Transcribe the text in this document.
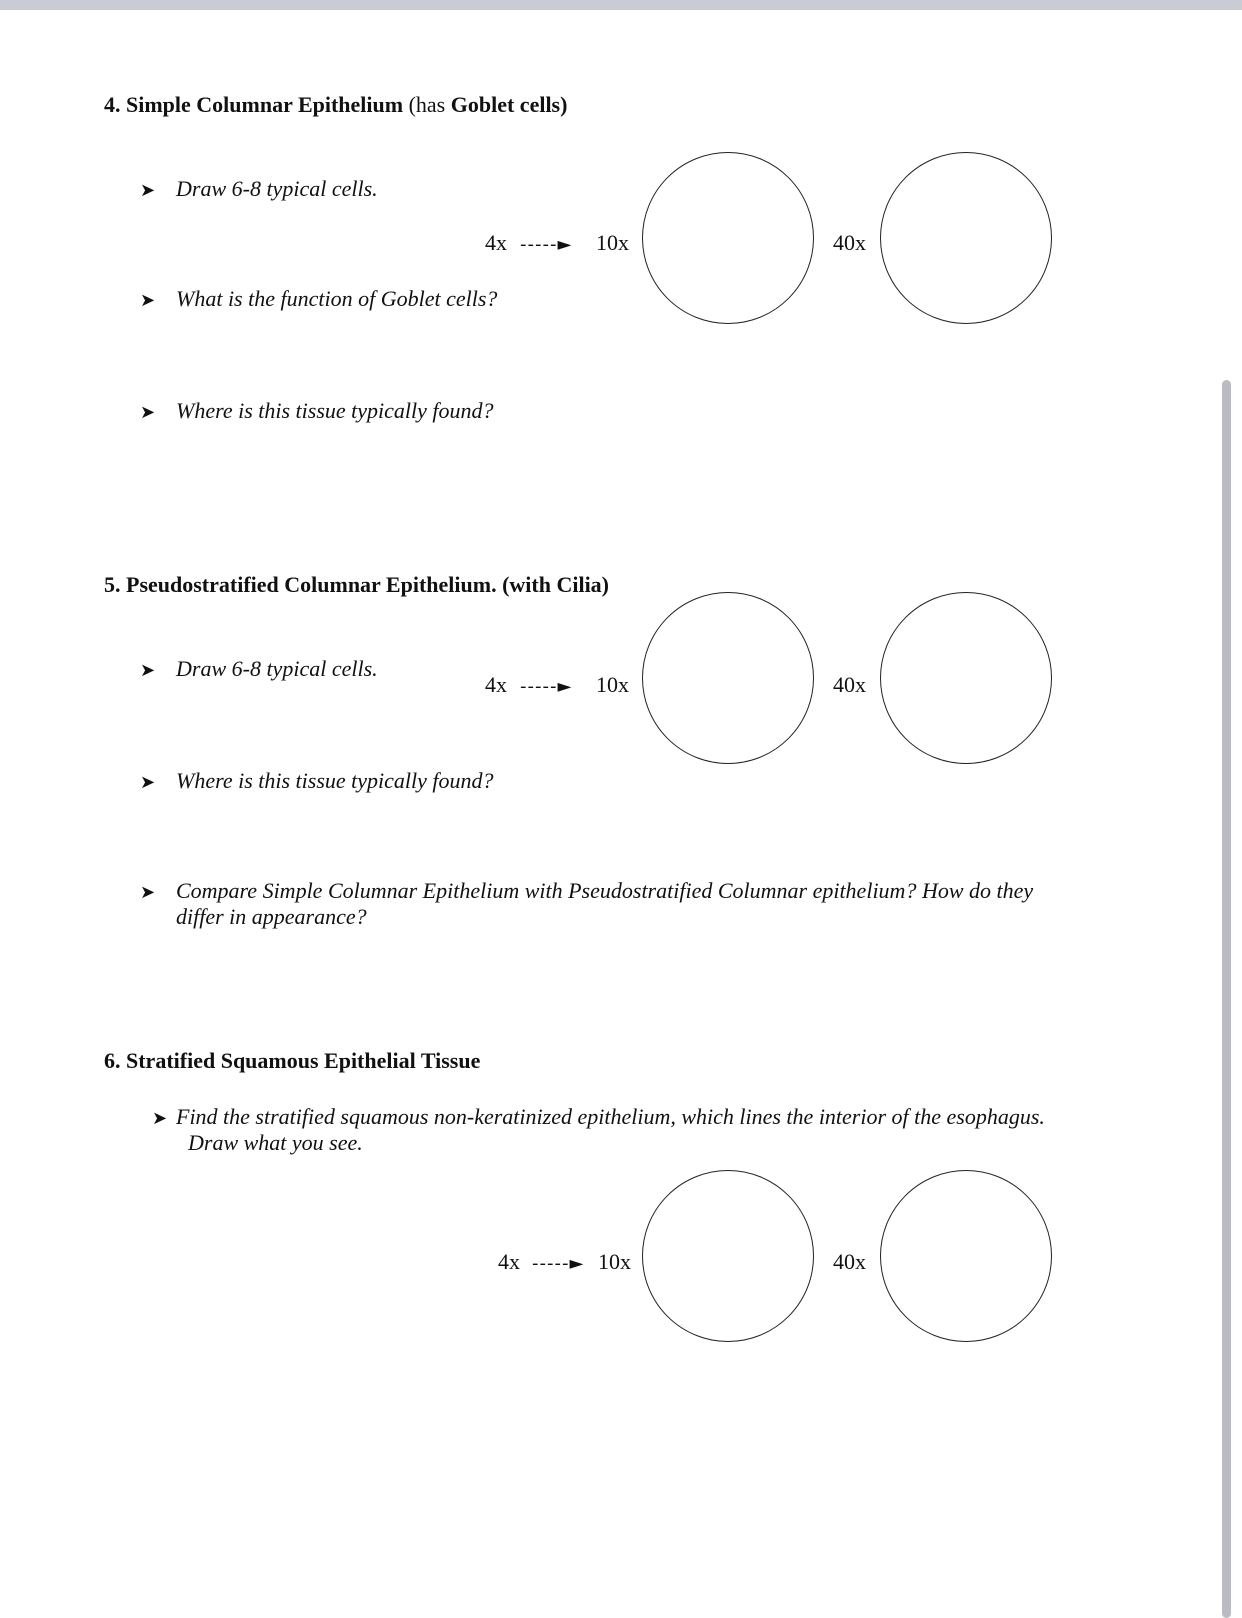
4. Simple Columnar Epithelium (has Goblet cells)
➤ Draw 6-8 typical cells.
4x -----► 10x	40x
➤ What is the function of Goblet cells?
➤ Where is this tissue typically found?
5. Pseudostratified Columnar Epithelium. (with Cilia)
➤ Draw 6-8 typical cells.
4x -----► 10x	40x
➤ Where is this tissue typically found?
➤ Compare Simple Columnar Epithelium with Pseudostratified Columnar epithelium? How do they
differ in appearance?
6. Stratified Squamous Epithelial Tissue
➤ Find the stratified squamous non-keratinized epithelium, which lines the interior of the esophagus.
Draw what you see.
4x -----► 10x	40x
